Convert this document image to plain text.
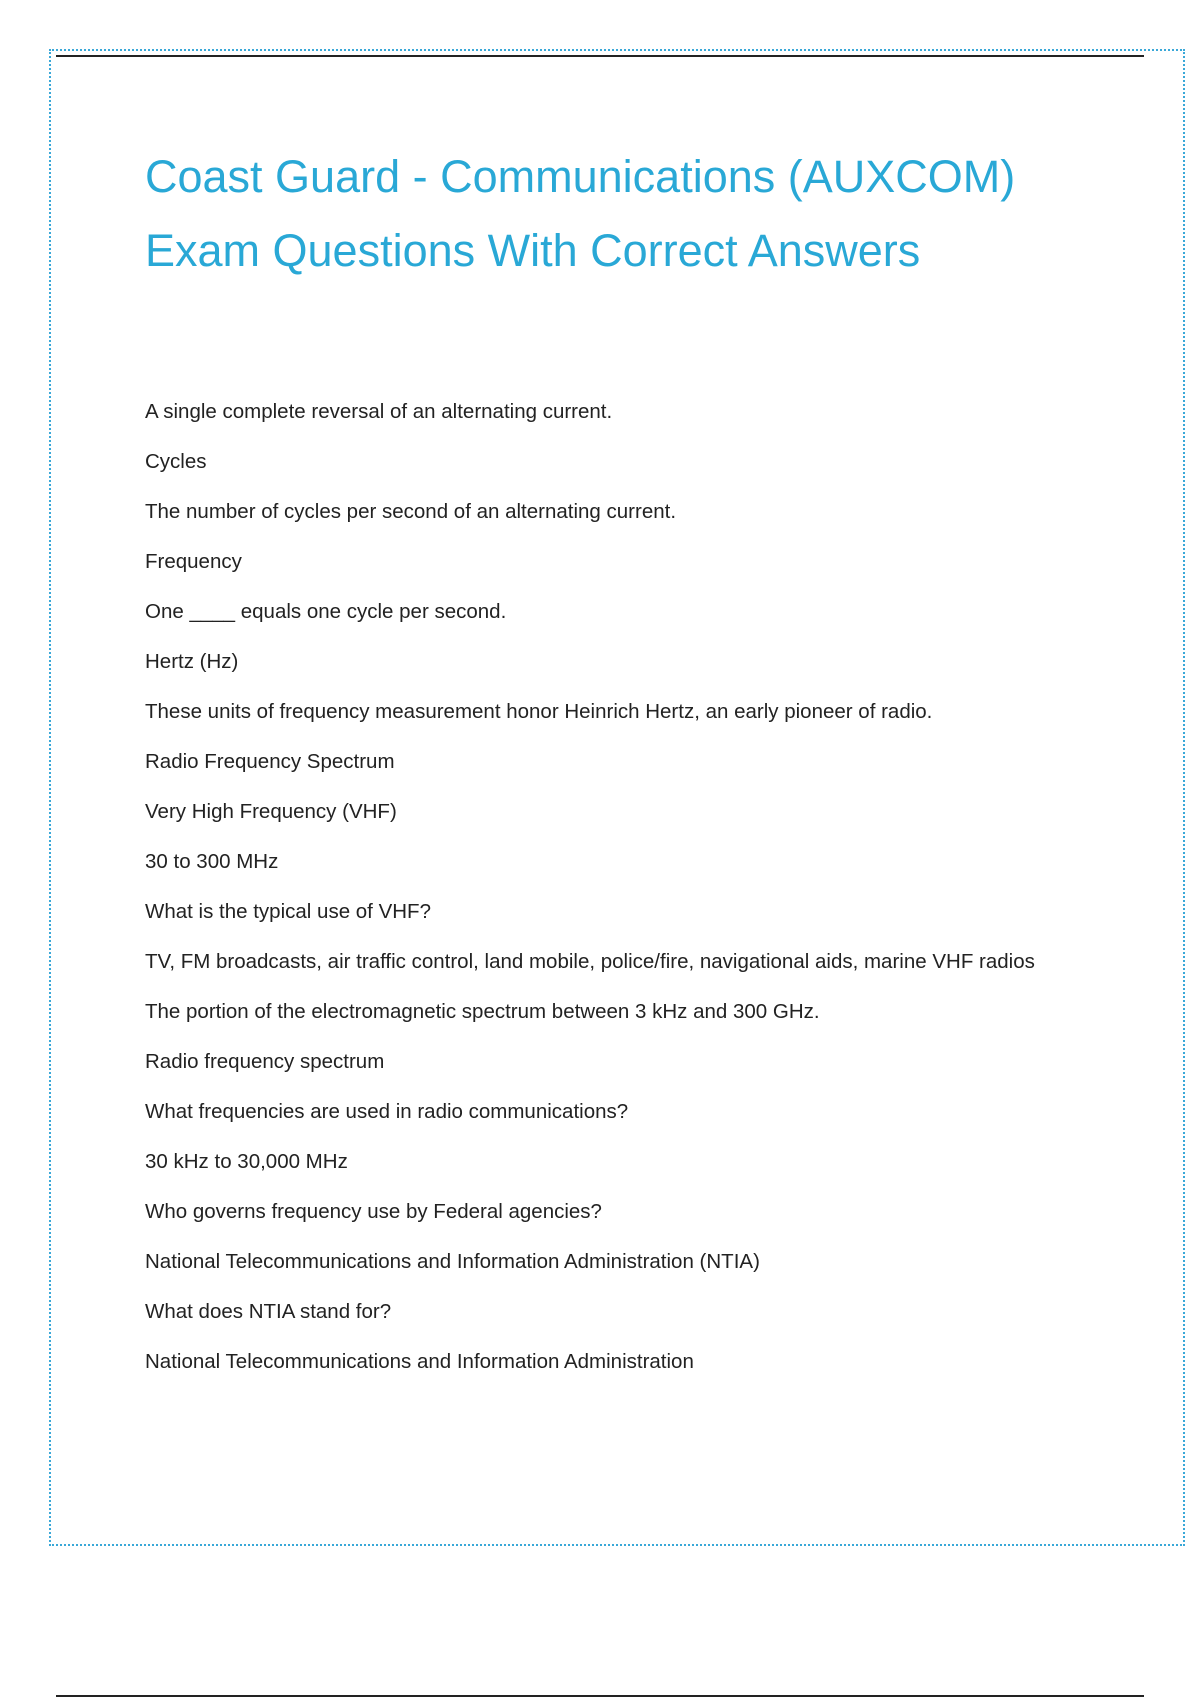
Coast Guard - Communications (AUXCOM)
Exam Questions With Correct Answers
A single complete reversal of an alternating current.
Cycles
The number of cycles per second of an alternating current.
Frequency
One ____ equals one cycle per second.
Hertz (Hz)
These units of frequency measurement honor Heinrich Hertz, an early pioneer of radio.
Radio Frequency Spectrum
Very High Frequency (VHF)
30 to 300 MHz
What is the typical use of VHF?
TV, FM broadcasts, air traffic control, land mobile, police/fire, navigational aids, marine VHF radios
The portion of the electromagnetic spectrum between 3 kHz and 300 GHz.
Radio frequency spectrum
What frequencies are used in radio communications?
30 kHz to 30,000 MHz
Who governs frequency use by Federal agencies?
National Telecommunications and Information Administration (NTIA)
What does NTIA stand for?
National Telecommunications and Information Administration
